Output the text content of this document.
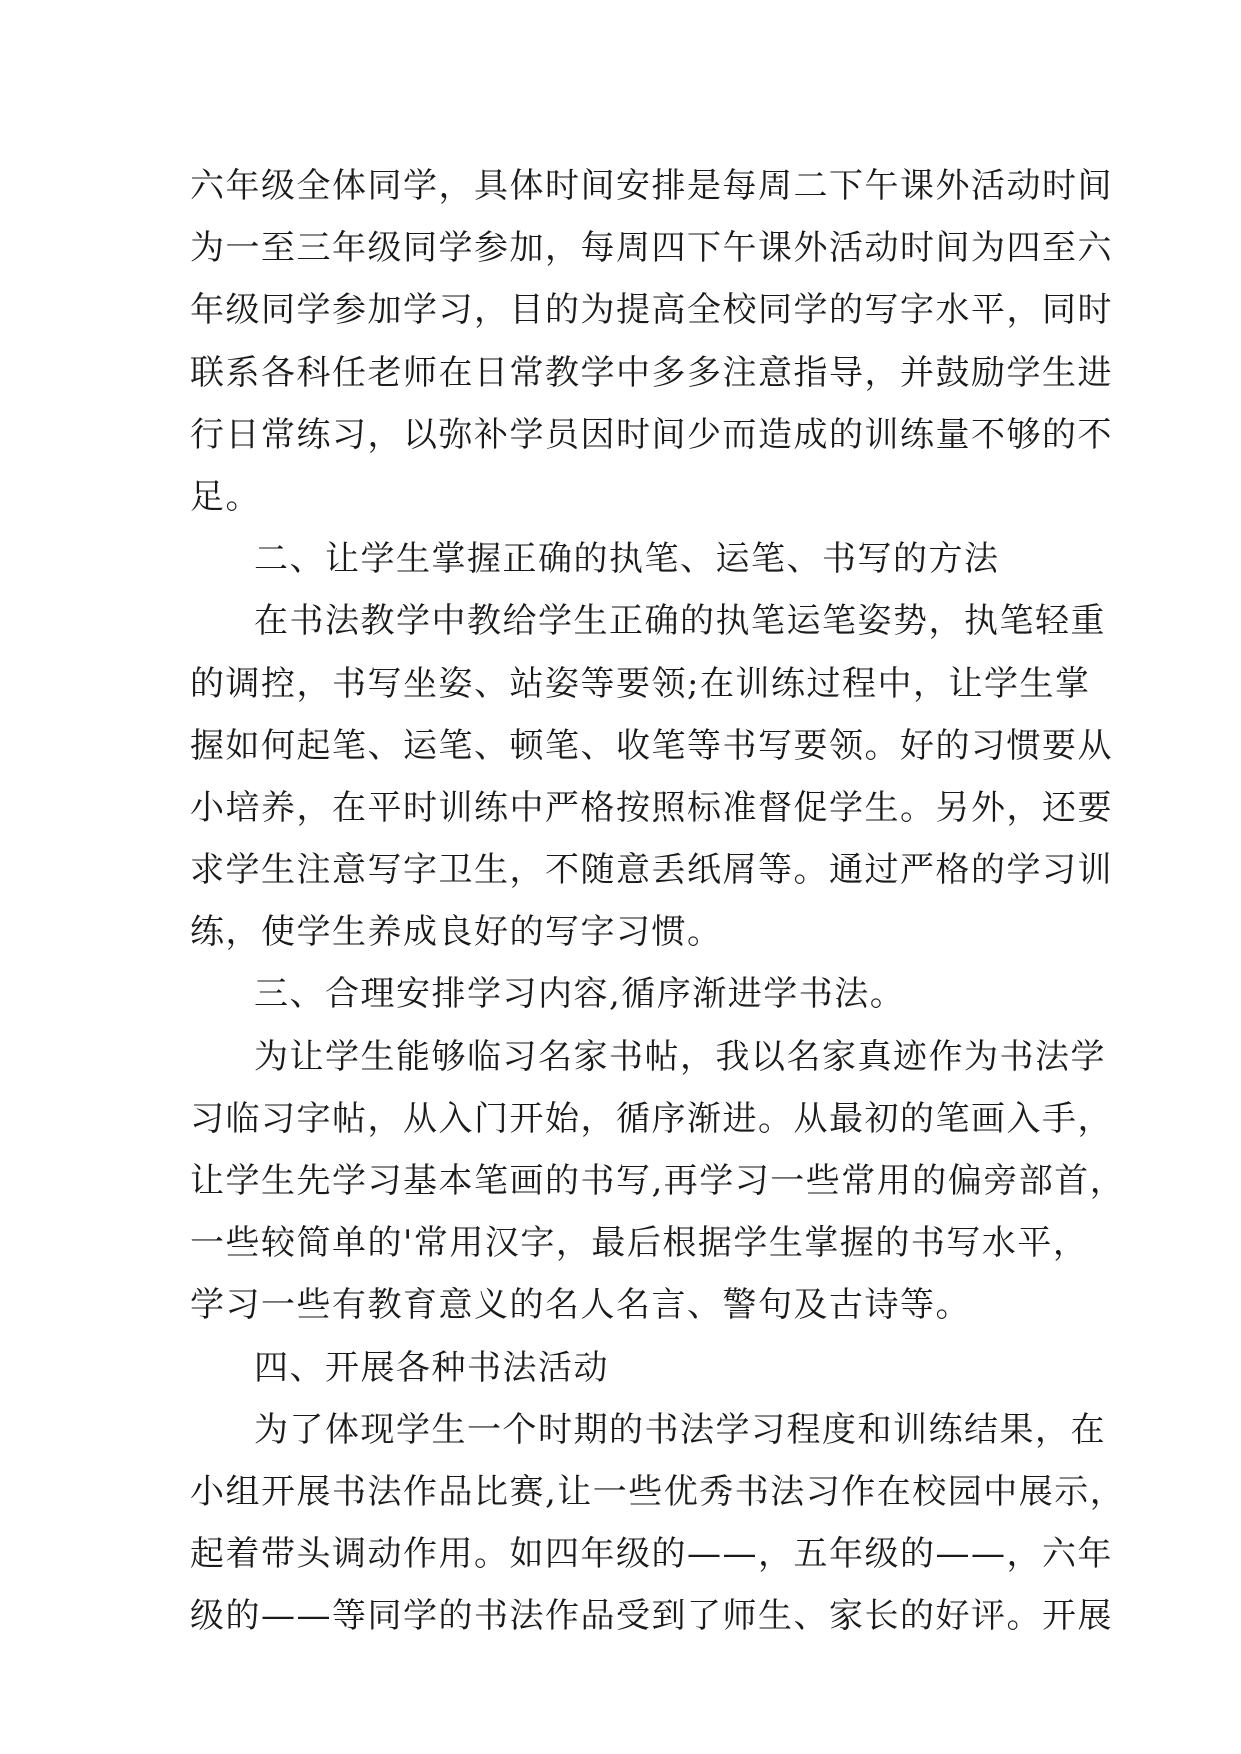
六年级全体同学，具体时间安排是每周二下午课外活动时间
为一至三年级同学参加，每周四下午课外活动时间为四至六
年级同学参加学习，目的为提高全校同学的写字水平，同时
联系各科任老师在日常教学中多多注意指导，并鼓励学生进
行日常练习，以弥补学员因时间少而造成的训练量不够的不
足。
二、让学生掌握正确的执笔、运笔、书写的方法
在书法教学中教给学生正确的执笔运笔姿势，执笔轻重
的调控，书写坐姿、站姿等要领;在训练过程中，让学生掌
握如何起笔、运笔、顿笔、收笔等书写要领。好的习惯要从
小培养，在平时训练中严格按照标准督促学生。另外，还要
求学生注意写字卫生，不随意丢纸屑等。通过严格的学习训
练，使学生养成良好的写字习惯。
三、合理安排学习内容,循序渐进学书法。
为让学生能够临习名家书帖，我以名家真迹作为书法学
习临习字帖，从入门开始，循序渐进。从最初的笔画入手，
让学生先学习基本笔画的书写,再学习一些常用的偏旁部首，
一些较简单的'常用汉字，最后根据学生掌握的书写水平，
学习一些有教育意义的名人名言、警句及古诗等。
四、开展各种书法活动
为了体现学生一个时期的书法学习程度和训练结果，在
小组开展书法作品比赛,让一些优秀书法习作在校园中展示，
起着带头调动作用。如四年级的——，五年级的——，六年
级的——等同学的书法作品受到了师生、家长的好评。开展
